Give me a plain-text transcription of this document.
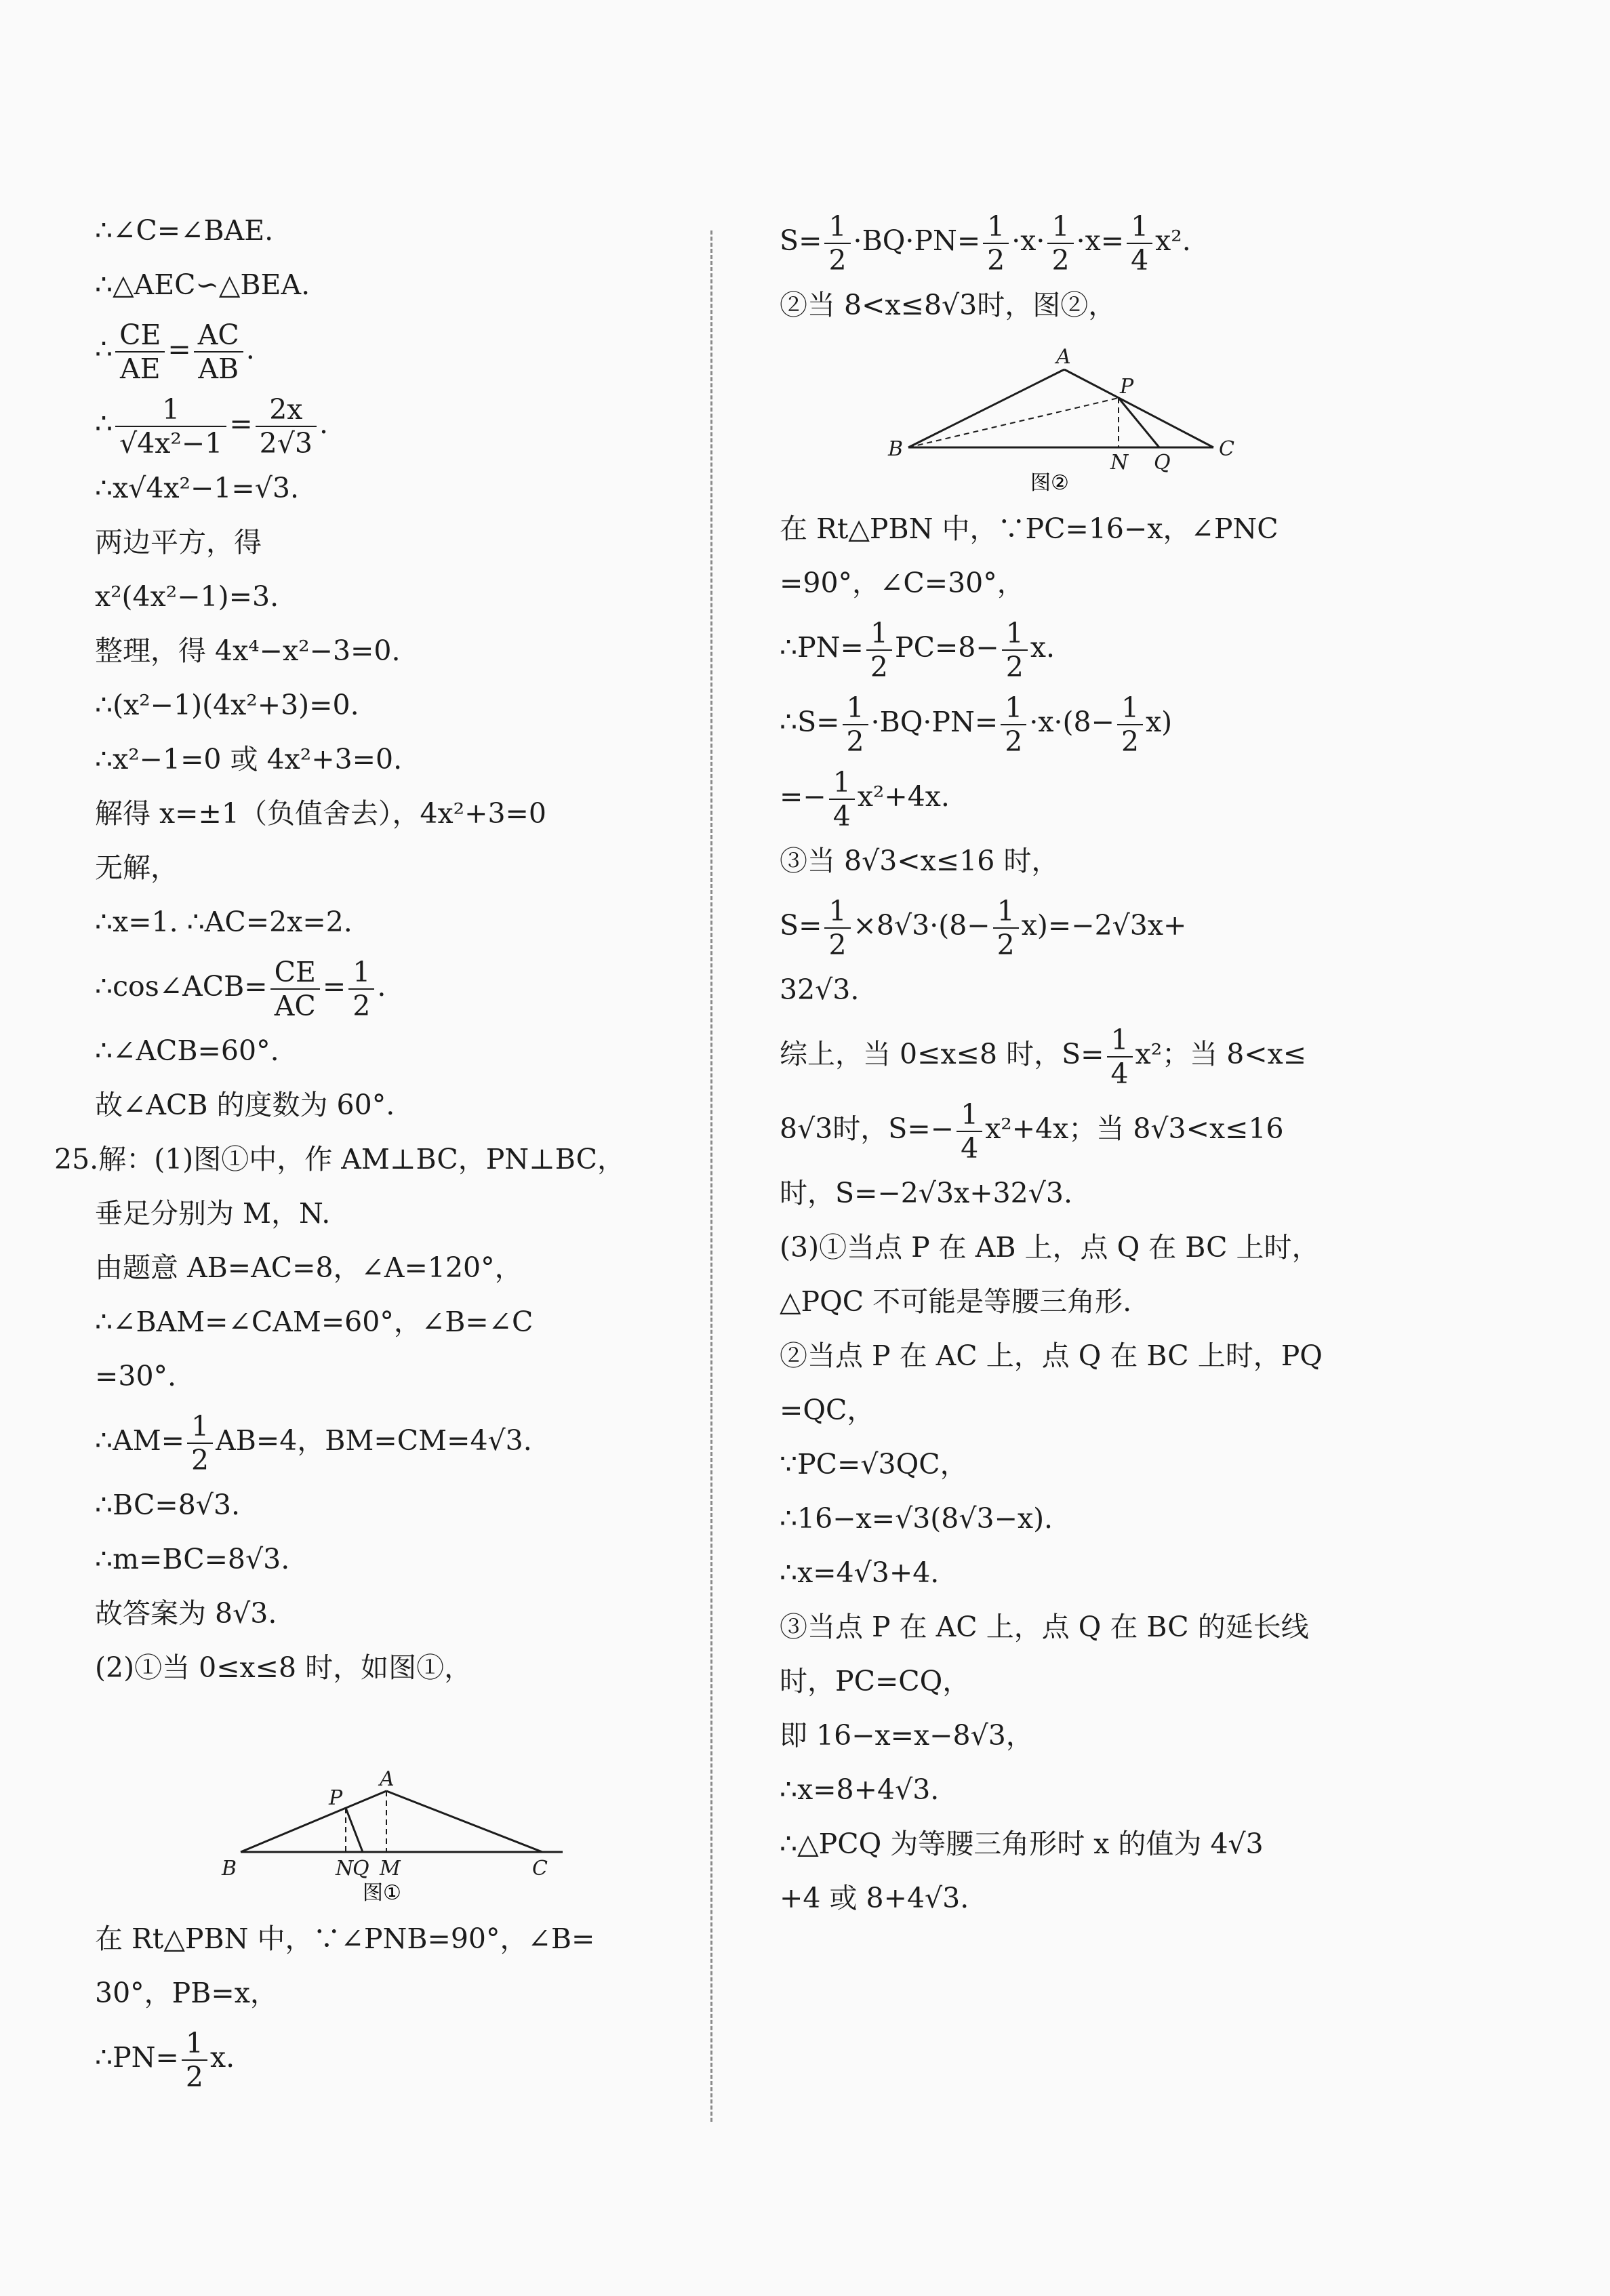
∴∠C=∠BAE.
∴△AEC∽△BEA.
∴ $\frac{CE}{AE} = \frac{AC}{AB}$ .
∴ $\frac{1}{\text{√4x²−1}} = \frac{2x}{2√3}$ .
∴x√4x²−1=√3.
两边平方，得
x²(4x²−1)=3.
整理，得 4x⁴−x²−3=0.
∴(x²−1)(4x²+3)=0.
∴x²−1=0 或 4x²+3=0.
解得 x=±1（负值舍去），4x²+3=0
无解，
∴x=1. ∴AC=2x=2.
∴cos∠ACB= $\frac{CE}{AC} = \frac{1}{2}$ .
∴∠ACB=60°.
故∠ACB 的度数为 60°.
25.解：(1)图①中，作 AM⊥BC，PN⊥BC，
垂足分别为 M，N.
由题意 AB=AC=8，∠A=120°，
∴∠BAM=∠CAM=60°，∠B=∠C
=30°.
∴AM= $\frac{1}{2} AB=4$，BM=CM=4√3.
∴BC=8√3.
∴m=BC=8√3.
故答案为 8√3.
(2)①当 0≤x≤8 时，如图①，
A
P
B	N
Q M	C
图①
在 Rt△PBN 中，∵∠PNB=90°，∠B=
30°，PB=x，
∴PN= $\frac{1}{2} x$.
$S= \frac{1}{2} \cdot BQ\cdot PN= \frac{1}{2} \cdot x\cdot \frac{1}{2} \cdot x= \frac{1}{4} x^2$.
②当 8<x≤8√3时，图②，
A
P
B
N Q
C
图②
在 Rt△PBN 中，∵PC=16−x，∠PNC
=90°，∠C=30°，
∴PN= $\frac{1}{2} PC=8- \frac{1}{2} x$.
∴S= $\frac{1}{2} \cdot BQ\cdot PN= \frac{1}{2} \cdot x\cdot(8- \frac{1}{2} x)$
=− $\frac{1}{4} x^2+4x$.
③当 8√3<x≤16 时，
$S= \frac{1}{2} \times 8√3\cdot(8- \frac{1}{2} x)=-2√3x+$
32√3.
综上，当 0≤x≤8 时，$S= \frac{1}{4} x^2$；当 8<x≤
8√3时，$S=- \frac{1}{4} x^2+4x$；当 8√3<x≤16
时，S=−2√3x+32√3.
(3)①当点 P 在 AB 上，点 Q 在 BC 上时，
△PQC 不可能是等腰三角形.
②当点 P 在 AC 上，点 Q 在 BC 上时，PQ
=QC，
∵PC=√3QC，
∴16−x=√3(8√3−x).
∴x=4√3+4.
③当点 P 在 AC 上，点 Q 在 BC 的延长线
时，PC=CQ，
即 16−x=x−8√3，
∴x=8+4√3.
∴△PCQ 为等腰三角形时 x 的值为 4√3
+4 或 8+4√3.
